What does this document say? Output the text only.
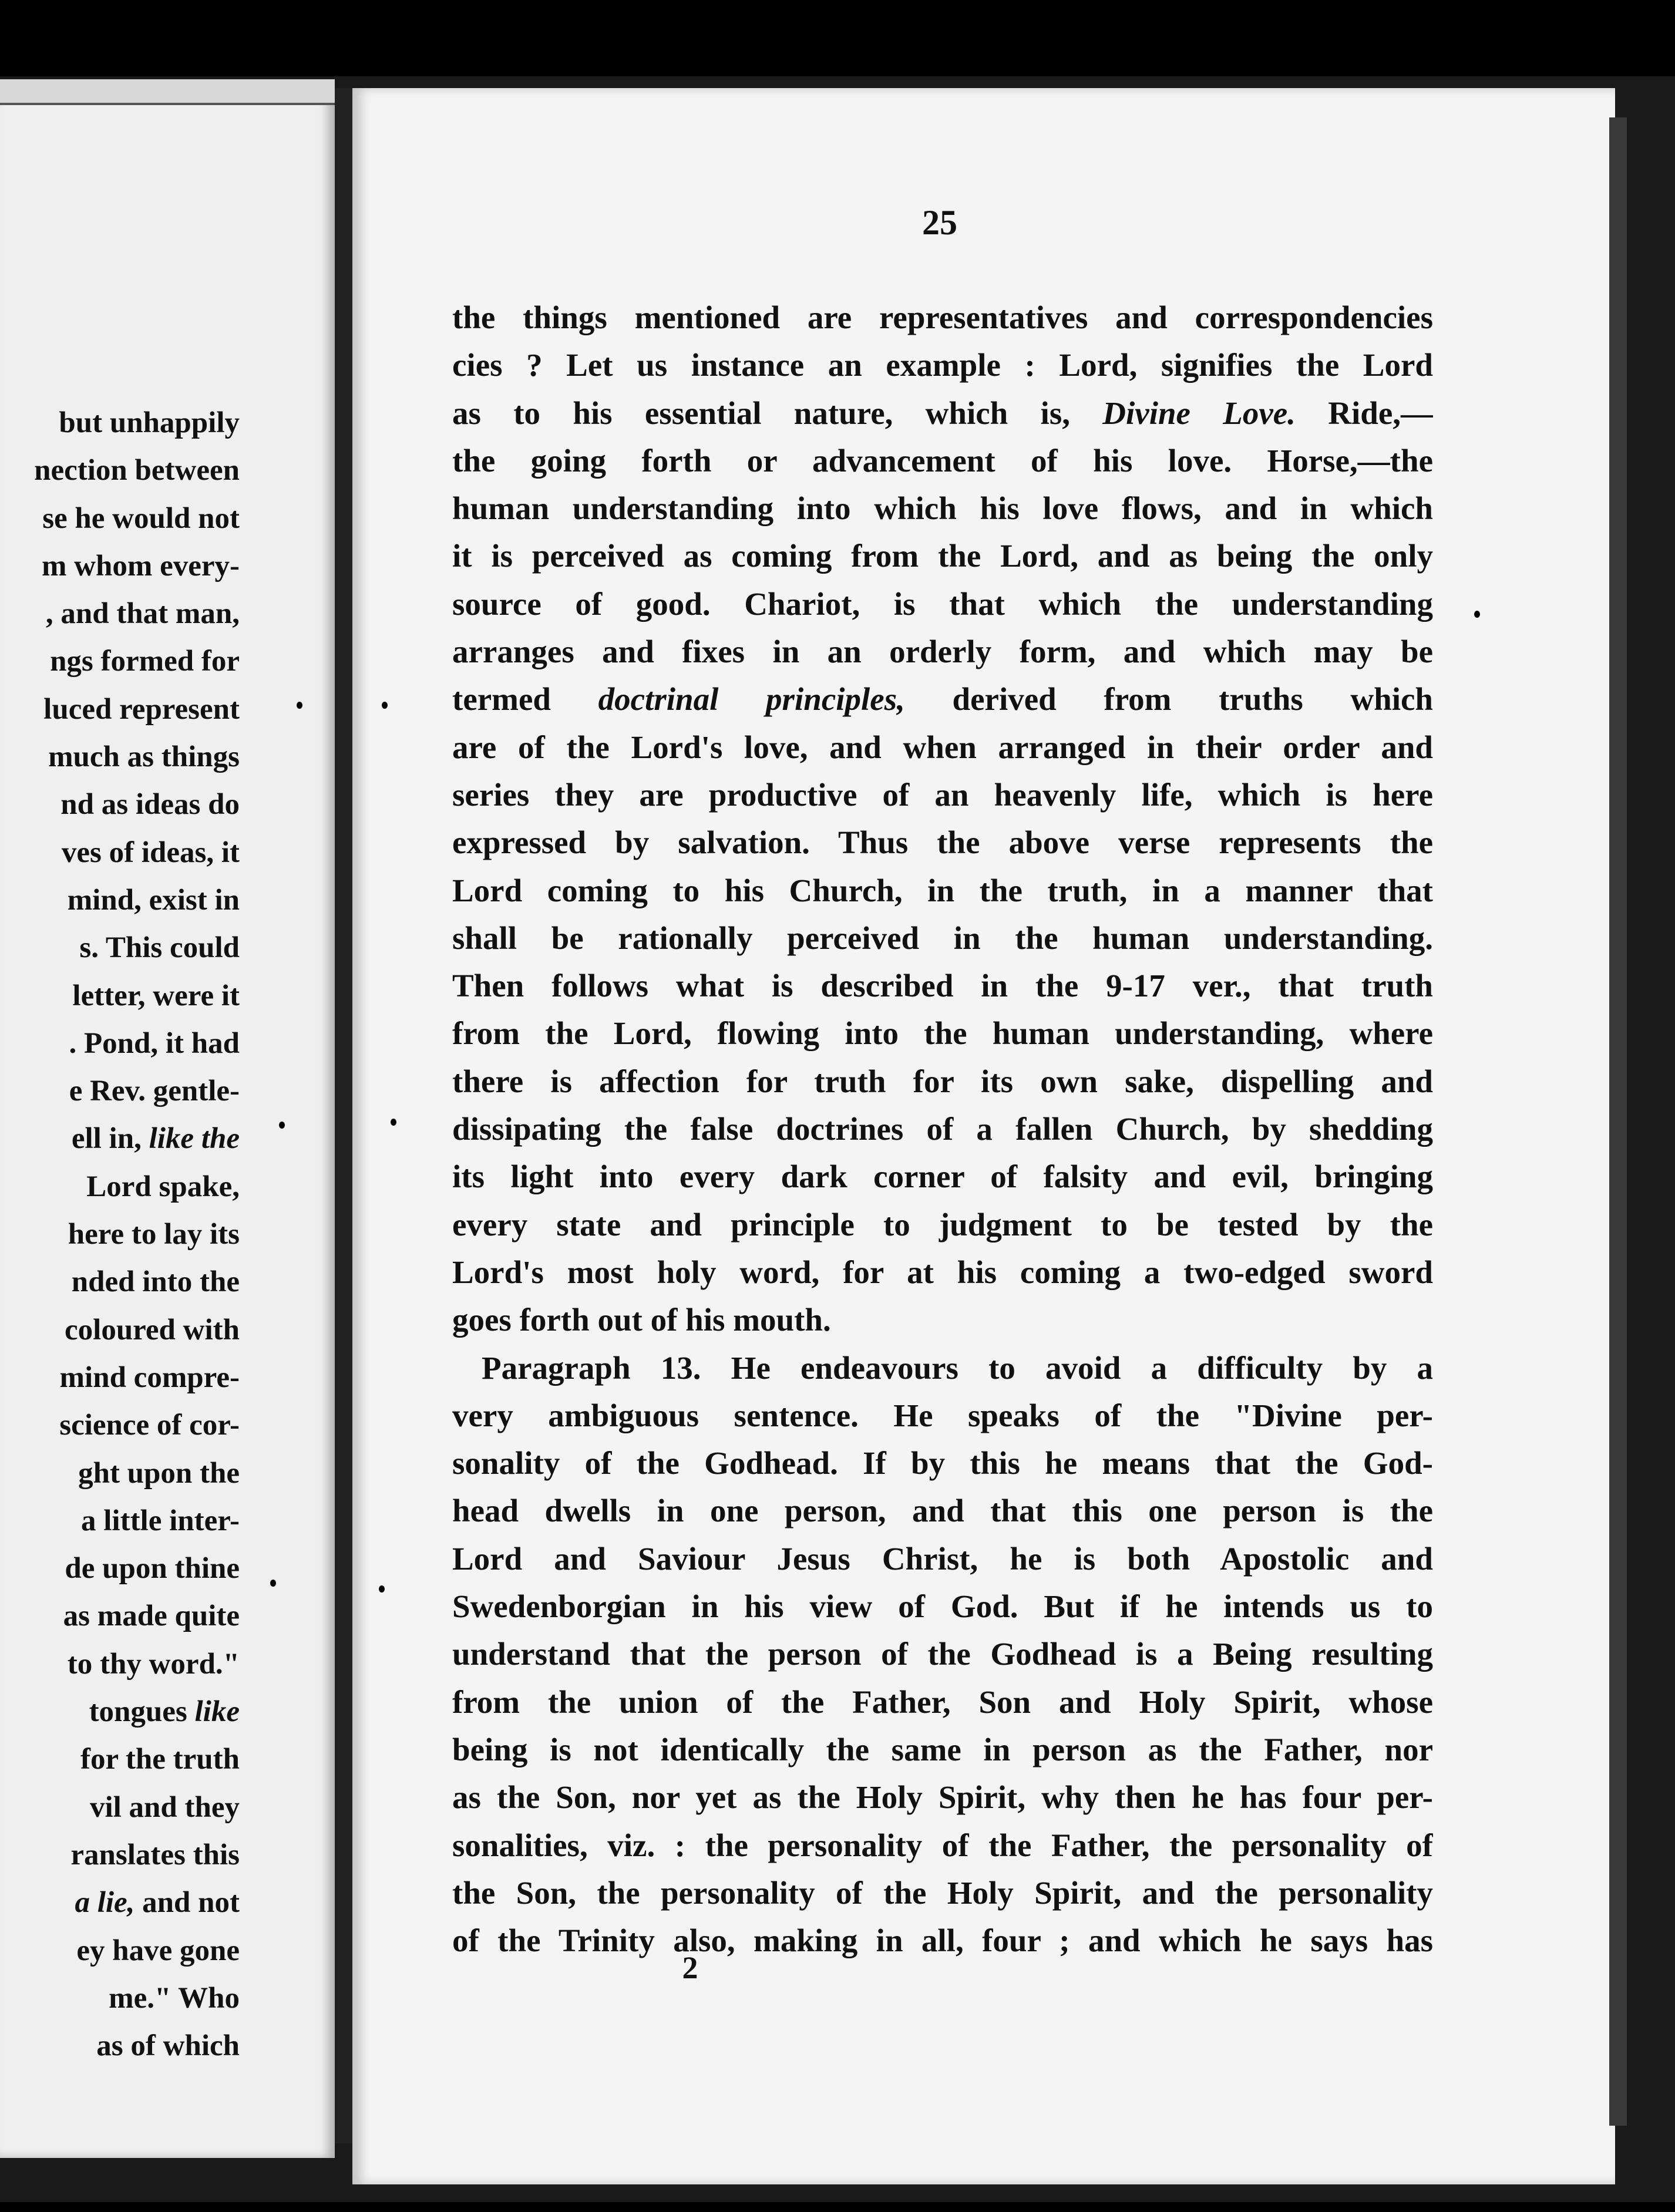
but unhappily
nection between
se he would not
m whom every-
, and that man,
ngs formed for
luced represent
much as things
nd as ideas do
ves of ideas, it
mind, exist in
s. This could
letter, were it
. Pond, it had
e Rev. gentle-
ell in, like the
Lord spake,
here to lay its
nded into the
coloured with
mind compre-
science of cor-
ght upon the
a little inter-
de upon thine
as made quite
to thy word."
tongues like
for the truth
vil and they
ranslates this
a lie, and not
ey have gone
me." Who
as of which
25
the things mentioned are representatives and correspondencies
cies ? Let us instance an example : Lord, signifies the Lord
as to his essential nature, which is, Divine Love. Ride,—
the going forth or advancement of his love. Horse,—the
human understanding into which his love flows, and in which
it is perceived as coming from the Lord, and as being the only
source of good. Chariot, is that which the understanding
arranges and fixes in an orderly form, and which may be
termed doctrinal principles, derived from truths which
are of the Lord's love, and when arranged in their order and
series they are productive of an heavenly life, which is here
expressed by salvation. Thus the above verse represents the
Lord coming to his Church, in the truth, in a manner that
shall be rationally perceived in the human understanding.
Then follows what is described in the 9-17 ver., that truth
from the Lord, flowing into the human understanding, where
there is affection for truth for its own sake, dispelling and
dissipating the false doctrines of a fallen Church, by shedding
its light into every dark corner of falsity and evil, bringing
every state and principle to judgment to be tested by the
Lord's most holy word, for at his coming a two-edged sword
goes forth out of his mouth.
Paragraph 13. He endeavours to avoid a difficulty by a
very ambiguous sentence. He speaks of the "Divine per-
sonality of the Godhead. If by this he means that the God-
head dwells in one person, and that this one person is the
Lord and Saviour Jesus Christ, he is both Apostolic and
Swedenborgian in his view of God. But if he intends us to
understand that the person of the Godhead is a Being resulting
from the union of the Father, Son and Holy Spirit, whose
being is not identically the same in person as the Father, nor
as the Son, nor yet as the Holy Spirit, why then he has four per-
sonalities, viz. : the personality of the Father, the personality of
the Son, the personality of the Holy Spirit, and the personality
of the Trinity also, making in all, four ; and which he says has
2
